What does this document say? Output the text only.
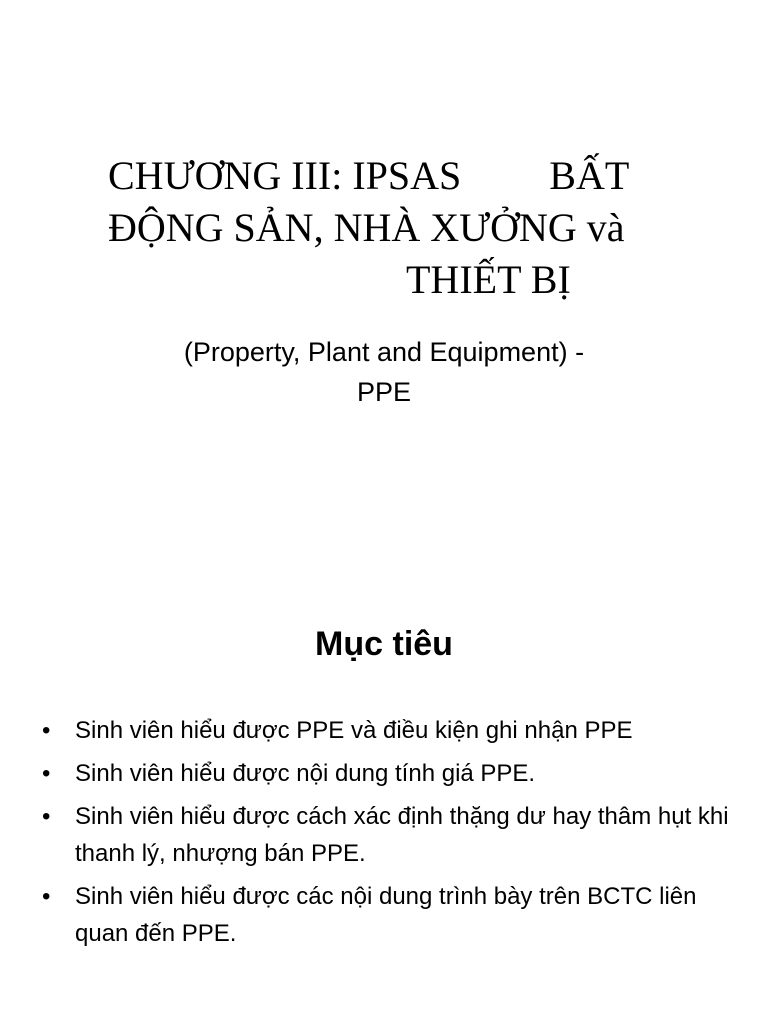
CHƯƠNG III: IPSAS BẤT
ĐỘNG SẢN, NHÀ XƯỞNG và
THIẾT BỊ
(Property, Plant and Equipment) -
PPE
Mục tiêu
• Sinh viên hiểu được PPE và điều kiện ghi nhận PPE
• Sinh viên hiểu được nội dung tính giá PPE.
• Sinh viên hiểu được cách xác định thặng dư hay thâm hụt khi thanh lý, nhượng bán PPE.
• Sinh viên hiểu được các nội dung trình bày trên BCTC liên quan đến PPE.
